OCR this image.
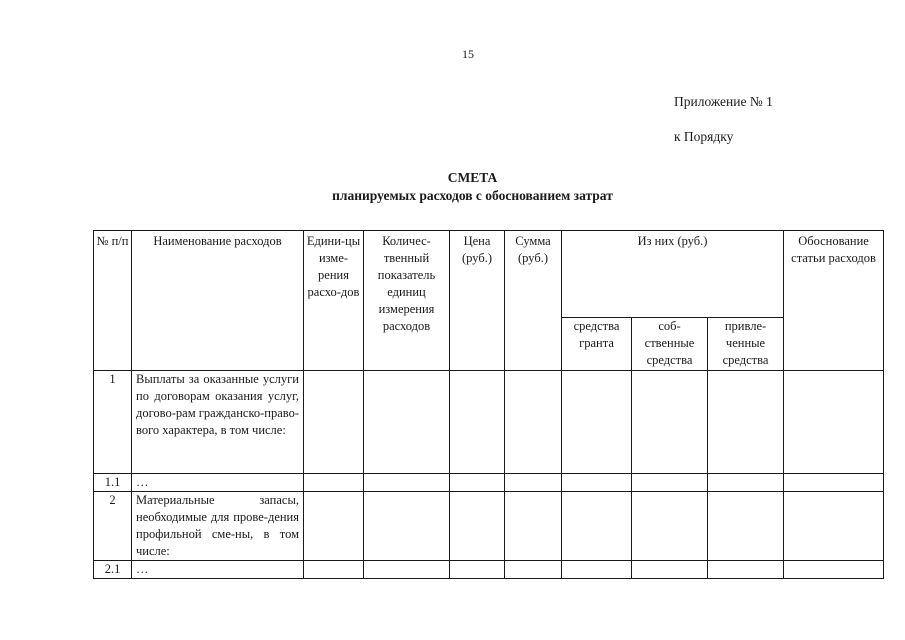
15
Приложение № 1
к Порядку
СМЕТА
планируемых расходов с обоснованием затрат
№ п/п	Наименование расходов	Едини-цы изме-рения расхо-дов	Количес-твенный показатель единиц измерения расходов	Цена (руб.)	Сумма (руб.)	Из них (руб.)			Обоснование статьи расходов
						средства гранта	соб-ственные средства	привле-ченные средства	
1	Выплаты за оказанные услуги по договорам оказания услуг, догово-рам гражданско-право-вого характера, в том числе:								
1.1	…								
2	Материальные запасы, необходимые для прове-дения профильной сме-ны, в том числе:								
2.1	…								
